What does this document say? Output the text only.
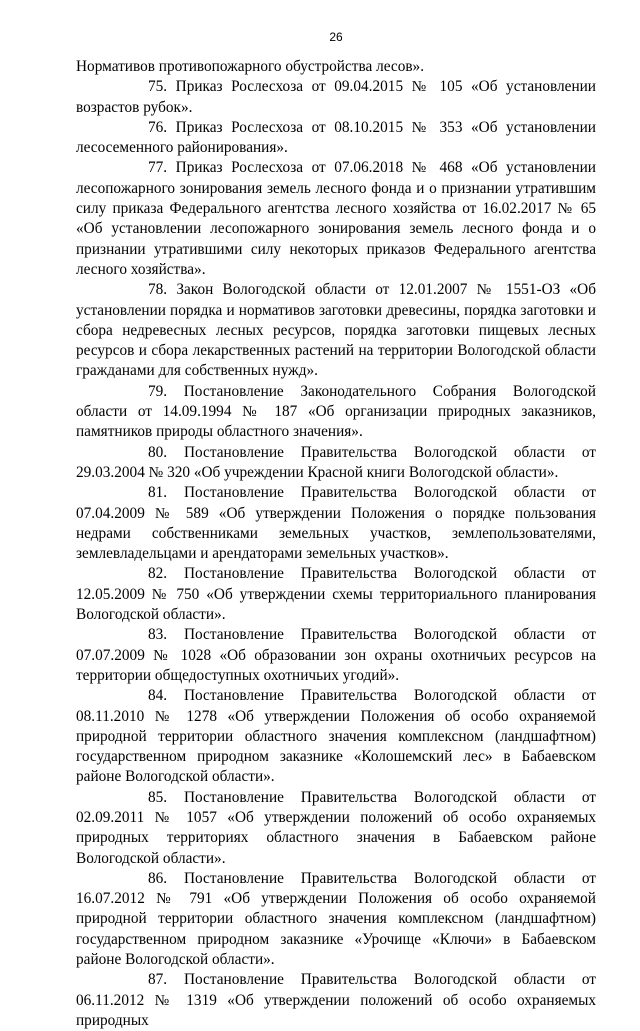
26

Нормативов противопожарного обустройства лесов».

75. Приказ Рослесхоза от 09.04.2015 № 105 «Об установлении возрастов рубок».

76. Приказ Рослесхоза от 08.10.2015 № 353 «Об установлении лесосеменного районирования».

77. Приказ Рослесхоза от 07.06.2018 № 468 «Об установлении лесопожарного зонирования земель лесного фонда и о признании утратившим силу приказа Федерального агентства лесного хозяйства от 16.02.2017 № 65 «Об установлении лесопожарного зонирования земель лесного фонда и о признании утратившими силу некоторых приказов Федерального агентства лесного хозяйства».

78. Закон Вологодской области от 12.01.2007 № 1551-ОЗ «Об установлении порядка и нормативов заготовки древесины, порядка заготовки и сбора недревесных лесных ресурсов, порядка заготовки пищевых лесных ресурсов и сбора лекарственных растений на территории Вологодской области гражданами для собственных нужд».

79. Постановление Законодательного Собрания Вологодской области от 14.09.1994 № 187 «Об организации природных заказников, памятников природы областного значения».

80. Постановление Правительства Вологодской области от 29.03.2004 № 320 «Об учреждении Красной книги Вологодской области».

81. Постановление Правительства Вологодской области от 07.04.2009 № 589 «Об утверждении Положения о порядке пользования недрами собственниками земельных участков, землепользователями, землевладельцами и арендаторами земельных участков».

82. Постановление Правительства Вологодской области от 12.05.2009 № 750 «Об утверждении схемы территориального планирования Вологодской области».

83. Постановление Правительства Вологодской области от 07.07.2009 № 1028 «Об образовании зон охраны охотничьих ресурсов на территории общедоступных охотничьих угодий».

84. Постановление Правительства Вологодской области от 08.11.2010 № 1278 «Об утверждении Положения об особо охраняемой природной территории областного значения комплексном (ландшафтном) государственном природном заказнике «Колошемский лес» в Бабаевском районе Вологодской области».

85. Постановление Правительства Вологодской области от 02.09.2011 № 1057 «Об утверждении положений об особо охраняемых природных территориях областного значения в Бабаевском районе Вологодской области».

86. Постановление Правительства Вологодской области от 16.07.2012 № 791 «Об утверждении Положения об особо охраняемой природной территории областного значения комплексном (ландшафтном) государственном природном заказнике «Урочище «Ключи» в Бабаевском районе Вологодской области».

87. Постановление Правительства Вологодской области от 06.11.2012 № 1319 «Об утверждении положений об особо охраняемых природных
